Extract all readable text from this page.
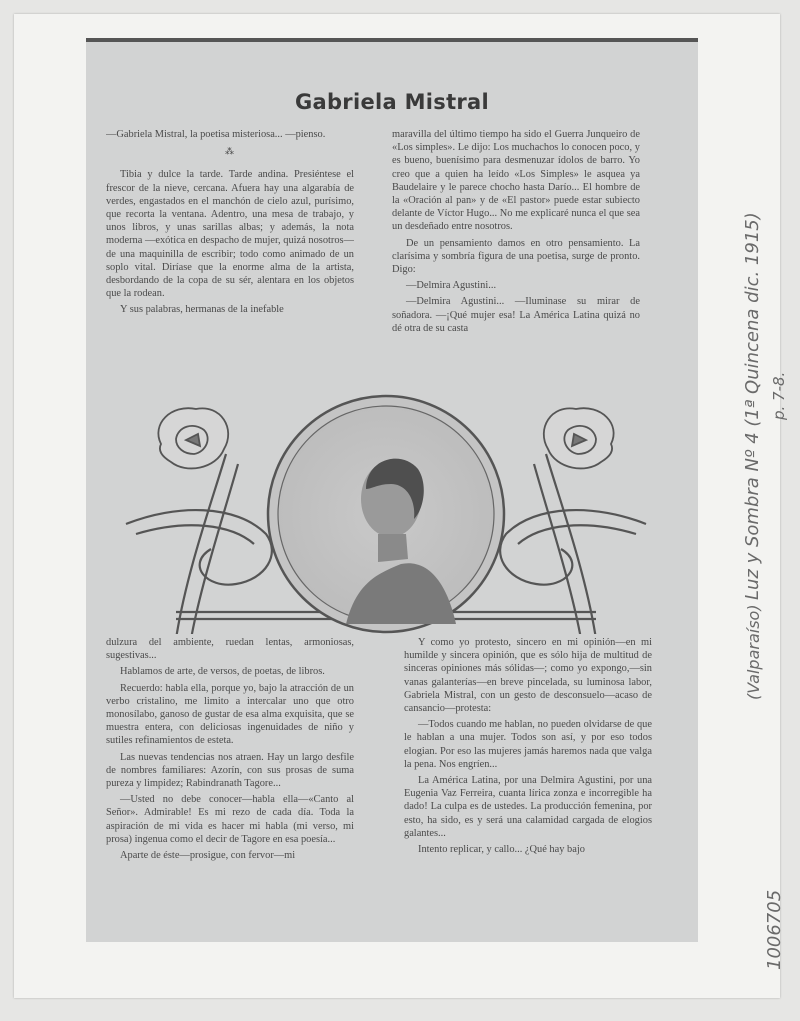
Gabriela Mistral

—Gabriela Mistral, la poetisa misteriosa... —pienso.

⁂

Tibia y dulce la tarde. Tarde andina. Presiéntese el frescor de la nieve, cercana. Afuera hay una algarabía de verdes, engastados en el manchón de cielo azul, purísimo, que recorta la ventana. Adentro, una mesa de trabajo, y unos libros, y unas sarillas albas; y además, la nota moderna —exótica en despacho de mujer, quizá nosotros—de una maquinilla de escribir; todo como animado de un soplo vital. Diríase que la enorme alma de la artista, desbordando de la copa de su sér, alentara en los objetos que la rodean.

Y sus palabras, hermanas de la inefable

maravilla del último tiempo ha sido el Guerra Junqueiro de «Los simples». Le dijo: Los muchachos lo conocen poco, y es bueno, buenísimo para desmenuzar ídolos de barro. Yo creo que a quien ha leído «Los Simples» le asquea ya Baudelaire y le parece chocho hasta Darío... El hombre de la «Oración al pan» y de «El pastor» puede estar subiecto delante de Víctor Hugo... No me explicaré nunca el que sea un desdeñado entre nosotros.

De un pensamiento damos en otro pensamiento. La clarísima y sombría figura de una poetisa, surge de pronto. Digo:

—Delmira Agustini...

—Delmira Agustini... —Iluminase su mirar de soñadora. —¡Qué mujer esa! La América Latina quizá no dé otra de su casta

dulzura del ambiente, ruedan lentas, armoniosas, sugestivas...

Hablamos de arte, de versos, de poetas, de libros.

Recuerdo: habla ella, porque yo, bajo la atracción de un verbo cristalino, me limito a intercalar uno que otro monosílabo, ganoso de gustar de esa alma exquisita, que se muestra entera, con deliciosas ingenuidades de niño y sutiles refinamientos de esteta.

Las nuevas tendencias nos atraen. Hay un largo desfile de nombres familiares: Azorín, con sus prosas de suma pureza y limpidez; Rabindranath Tagore...

—Usted no debe conocer—habla ella—«Canto al Señor». Admirable! Es mi rezo de cada día. Toda la aspiración de mi vida es hacer mi habla (mi verso, mi prosa) ingenua como el decir de Tagore en esa poesía...

Aparte de éste—prosigue, con fervor—mi

Y como yo protesto, sincero en mi opinión—en mi humilde y sincera opinión, que es sólo hija de multitud de sinceras opiniones más sólidas—; como yo expongo,—sin vanas galanterías—en breve pincelada, su luminosa labor, Gabriela Mistral, con un gesto de desconsuelo—acaso de cansancio—protesta:

—Todos cuando me hablan, no pueden olvidarse de que le hablan a una mujer. Todos son así, y por eso todos elogian. Por eso las mujeres jamás haremos nada que valga la pena. Nos engríen...

La América Latina, por una Delmira Agustini, por una Eugenia Vaz Ferreira, cuanta lírica zonza e incorregible ha dado! La culpa es de ustedes. La producción femenina, por esto, ha sido, es y será una calamidad cargada de elogios galantes...

Intento replicar, y callo... ¿Qué hay bajo

Luz y Sombra Nº 4 (1ª Quincena dic. 1915) p. 7-8.
(Valparaíso)
1006705
